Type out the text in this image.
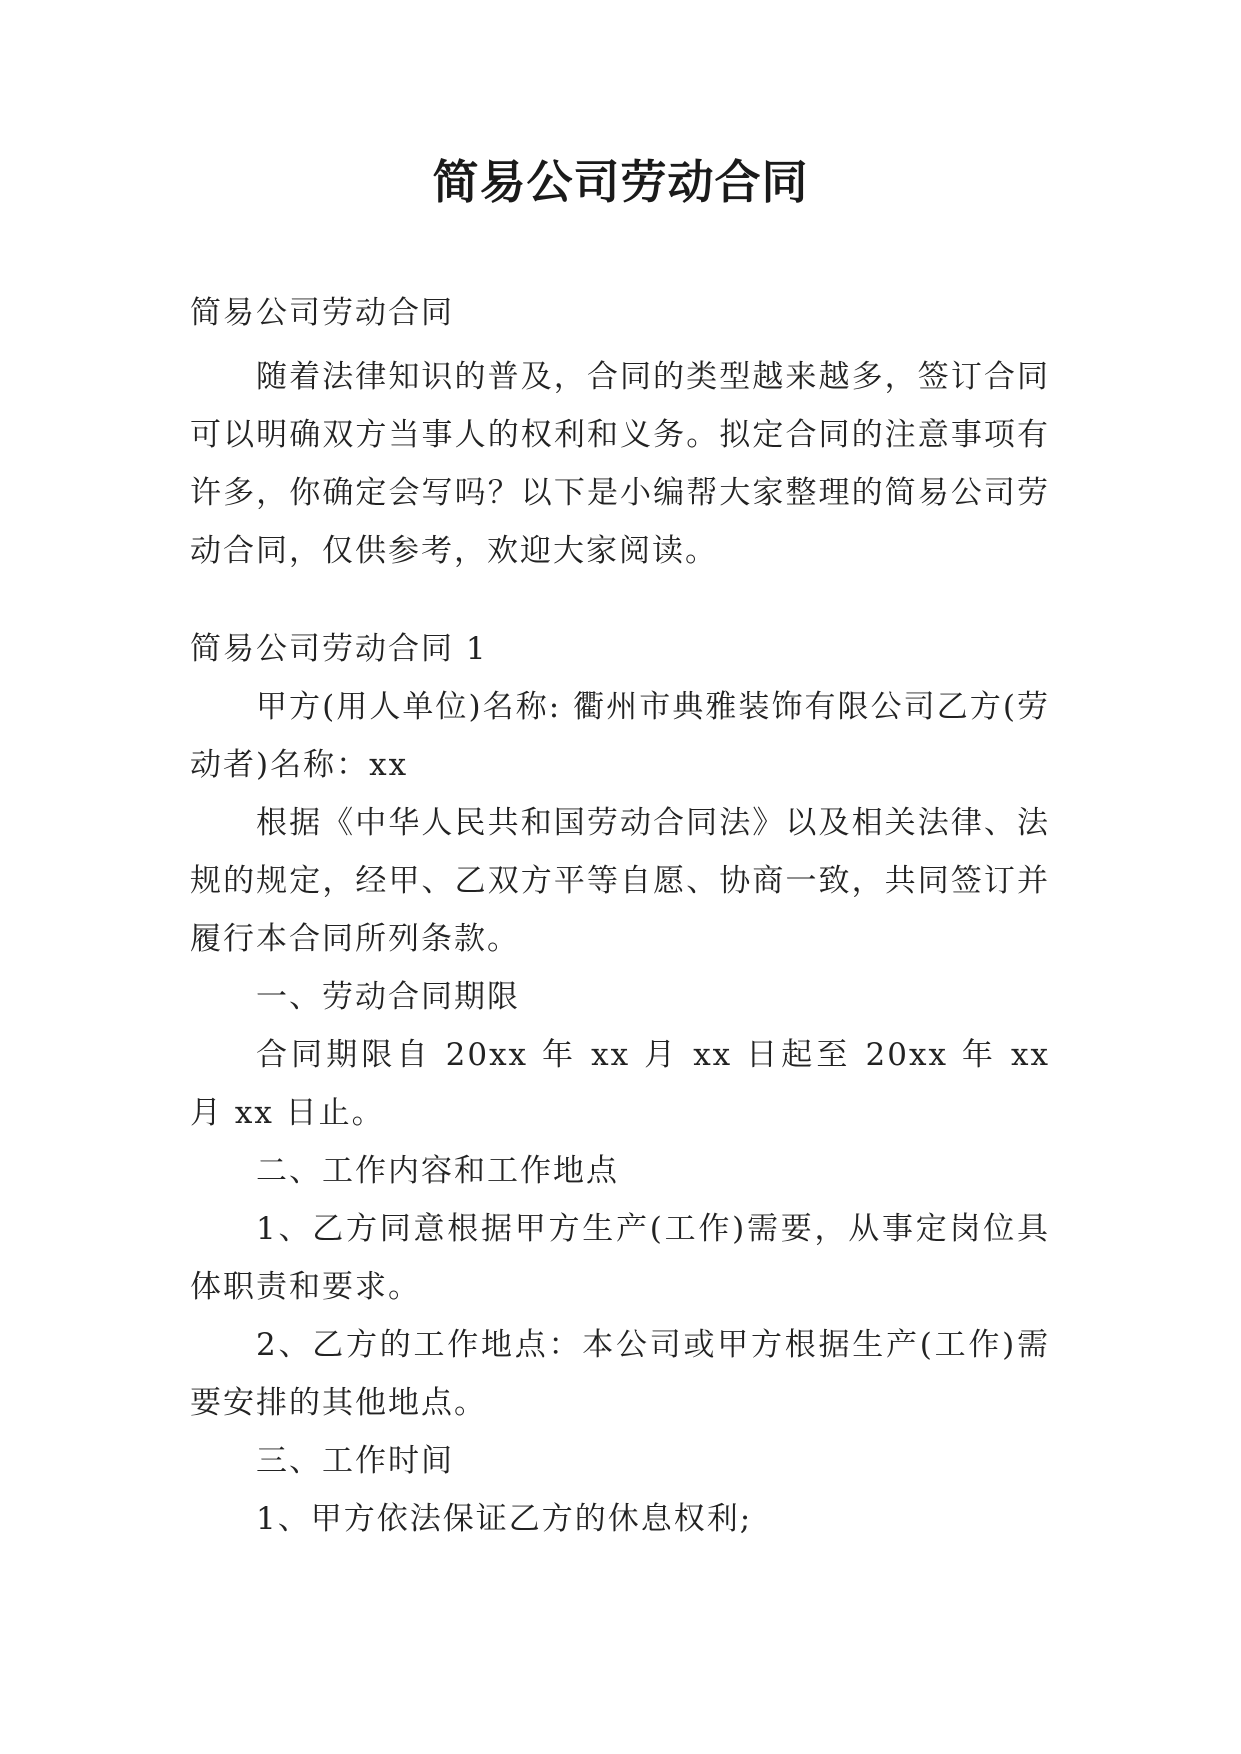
简易公司劳动合同

简易公司劳动合同

随着法律知识的普及，合同的类型越来越多，签订合同可以明确双方当事人的权利和义务。拟定合同的注意事项有许多，你确定会写吗？以下是小编帮大家整理的简易公司劳动合同，仅供参考，欢迎大家阅读。

简易公司劳动合同 1

甲方(用人单位)名称: 衢州市典雅装饰有限公司乙方(劳动者)名称：xx

根据《中华人民共和国劳动合同法》以及相关法律、法规的规定，经甲、乙双方平等自愿、协商一致，共同签订并履行本合同所列条款。

一、劳动合同期限

合同期限自 20xx 年 xx 月 xx 日起至 20xx 年 xx 月 xx 日止。

二、工作内容和工作地点

1、乙方同意根据甲方生产(工作)需要，从事定岗位具体职责和要求。

2、乙方的工作地点：本公司或甲方根据生产(工作)需要安排的其他地点。

三、工作时间

1、甲方依法保证乙方的休息权利;
